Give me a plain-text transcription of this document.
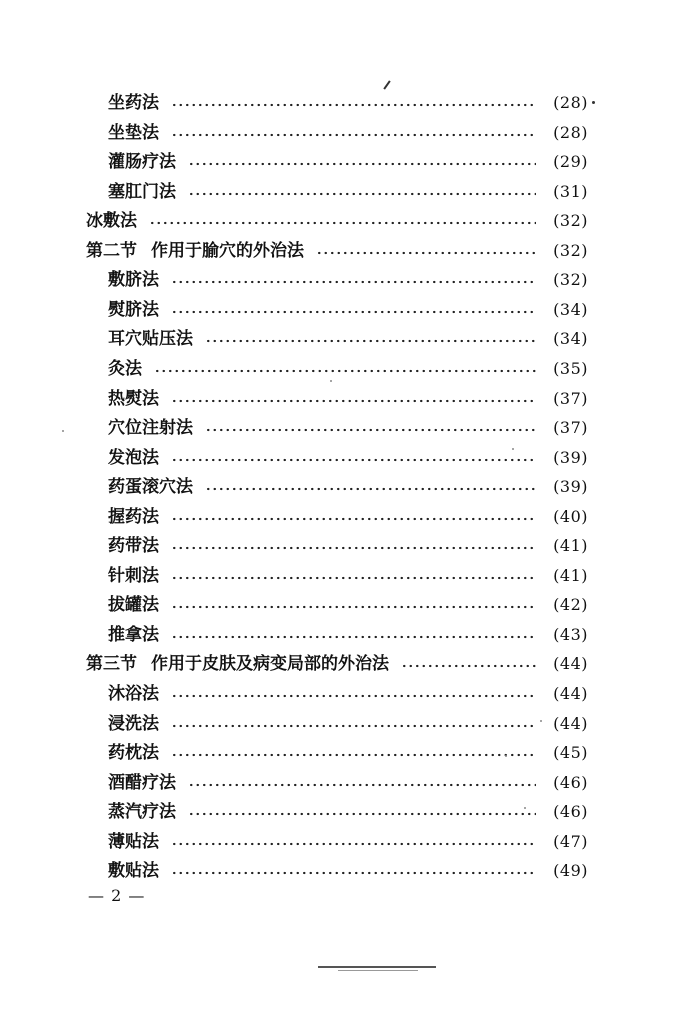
坐药法	(28)
坐垫法	(28)
灌肠疗法	(29)
塞肛门法	(31)
冰敷法	(32)
第二节 作用于腧穴的外治法	(32)
敷脐法	(32)
熨脐法	(34)
耳穴贴压法	(34)
灸法	(35)
热熨法	(37)
穴位注射法	(37)
发泡法	(39)
药蛋滚穴法	(39)
握药法	(40)
药带法	(41)
针刺法	(41)
拔罐法	(42)
推拿法	(43)
第三节 作用于皮肤及病变局部的外治法	(44)
沐浴法	(44)
浸洗法	(44)
药枕法	(45)
酒醋疗法	(46)
蒸汽疗法	(46)
薄贴法	(47)
敷贴法	(49)
— 2 —
